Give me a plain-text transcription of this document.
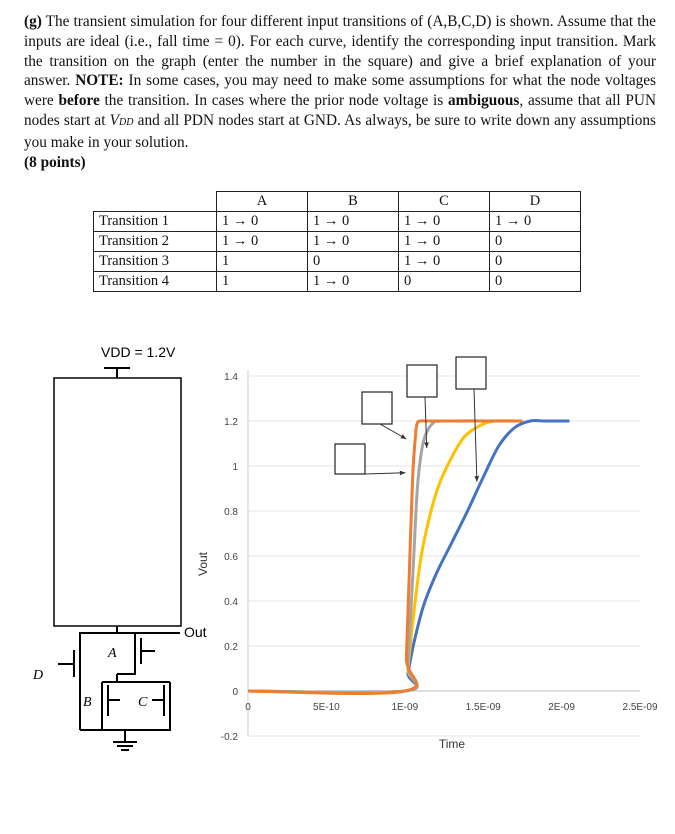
(g) The transient simulation for four different input transitions of (A,B,C,D) is shown. Assume that the inputs are ideal (i.e., fall time = 0). For each curve, identify the corresponding input transition. Mark the transition on the graph (enter the number in the square) and give a brief explanation of your answer. NOTE: In some cases, you may need to make some assumptions for what the node voltages were before the transition. In cases where the prior node voltage is ambiguous, assume that all PUN nodes start at VDD and all PDN nodes start at GND. As always, be sure to write down any assumptions you make in your solution.
(8 points)
	A	B	C	D
Transition 1	1 → 0	1 → 0	1 → 0	1 → 0
Transition 2	1 → 0	1 → 0	1 → 0	0
Transition 3	1	0	1 → 0	0
Transition 4	1	1 → 0	0	0
VDD = 1.2V
Out
A
D
B	C
1.4
1.2
1
0.8
0.6
0.4
0.2
0
-0.2
0	5E-10	1E-09	1.5E-09	2E-09	2.5E-09
Vout
Time
